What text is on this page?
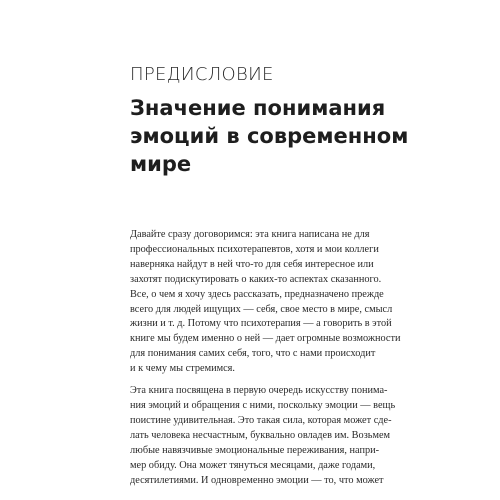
ПРЕДИСЛОВИЕ
Значение понимания
эмоций в современном
мире

Давайте сразу договоримся: эта книга написана не для
профессиональных психотерапевтов, хотя и мои коллеги
наверняка найдут в ней что-то для себя интересное или
захотят подискутировать о каких-то аспектах сказанного.
Все, о чем я хочу здесь рассказать, предназначено прежде
всего для людей ищущих — себя, свое место в мире, смысл
жизни и т. д. Потому что психотерапия — а говорить в этой
книге мы будем именно о ней — дает огромные возможности
для понимания самих себя, того, что с нами происходит
и к чему мы стремимся.

Эта книга посвящена в первую очередь искусству понима-
ния эмоций и обращения с ними, поскольку эмоции — вещь
поистине удивительная. Это такая сила, которая может сде-
лать человека несчастным, буквально овладев им. Возьмем
любые навязчивые эмоциональные переживания, напри-
мер обиду. Она может тянуться месяцами, даже годами,
десятилетиями. И одновременно эмоции — то, что может
